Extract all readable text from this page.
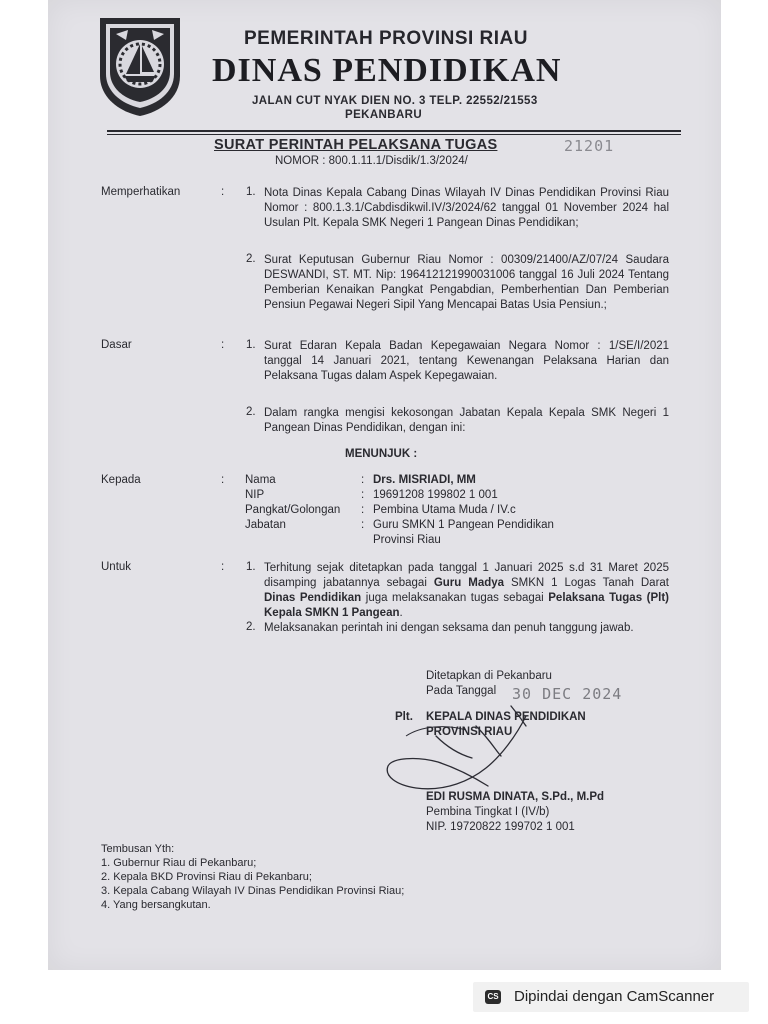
PEMERINTAH PROVINSI RIAU
DINAS PENDIDIKAN
JALAN CUT NYAK DIEN NO. 3 TELP. 22552/21553
PEKANBARU
SURAT PERINTAH PELAKSANA TUGAS	21201
NOMOR : 800.1.11.1/Disdik/1.3/2024/
Memperhatikan	: 1. Nota Dinas Kepala Cabang Dinas Wilayah IV Dinas Pendidikan Provinsi Riau Nomor : 800.1.3.1/Cabdisdikwil.IV/3/2024/62 tanggal 01 November 2024 hal Usulan Plt. Kepala SMK Negeri 1 Pangean Dinas Pendidikan;
2. Surat Keputusan Gubernur Riau Nomor : 00309/21400/AZ/07/24 Saudara DESWANDI, ST. MT. Nip: 196412121990031006 tanggal 16 Juli 2024 Tentang Pemberian Kenaikan Pangkat Pengabdian, Pemberhentian Dan Pemberian Pensiun Pegawai Negeri Sipil Yang Mencapai Batas Usia Pensiun.;
Dasar	: 1. Surat Edaran Kepala Badan Kepegawaian Negara Nomor : 1/SE/I/2021 tanggal 14 Januari 2021, tentang Kewenangan Pelaksana Harian dan Pelaksana Tugas dalam Aspek Kepegawaian.
2. Dalam rangka mengisi kekosongan Jabatan Kepala Kepala SMK Negeri 1 Pangean Dinas Pendidikan, dengan ini:
MENUNJUK :
Kepada	: Nama	: Drs. MISRIADI, MM
NIP	: 19691208 199802 1 001
Pangkat/Golongan : Pembina Utama Muda / IV.c
Jabatan	: Guru SMKN 1 Pangean Pendidikan
Provinsi Riau
Untuk	: 1. Terhitung sejak ditetapkan pada tanggal 1 Januari 2025 s.d 31 Maret 2025 disamping jabatannya sebagai Guru Madya SMKN 1 Logas Tanah Darat Dinas Pendidikan juga melaksanakan tugas sebagai Pelaksana Tugas (Plt) Kepala SMKN 1 Pangean.
2. Melaksanakan perintah ini dengan seksama dan penuh tanggung jawab.
Ditetapkan di Pekanbaru
Pada Tanggal 30 DEC 2024
Plt. KEPALA DINAS PENDIDIKAN
PROVINSI RIAU
EDI RUSMA DINATA, S.Pd., M.Pd
Pembina Tingkat I (IV/b)
NIP. 19720822 199702 1 001
Tembusan Yth:
1. Gubernur Riau di Pekanbaru;
2. Kepala BKD Provinsi Riau di Pekanbaru;
3. Kepala Cabang Wilayah IV Dinas Pendidikan Provinsi Riau;
4. Yang bersangkutan.
CS Dipindai dengan CamScanner
